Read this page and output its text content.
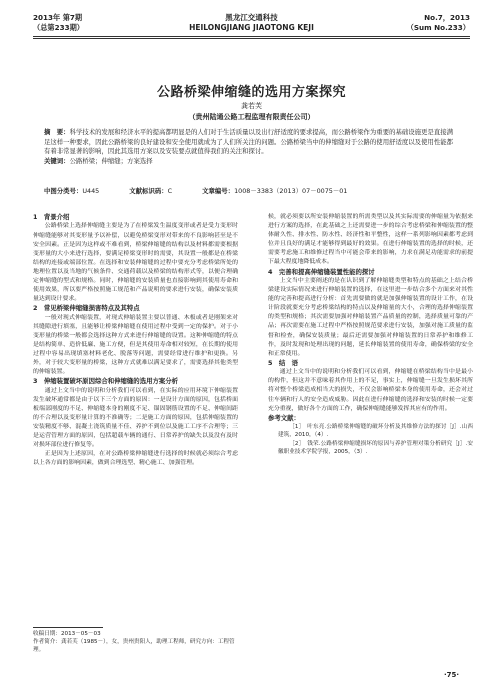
2013年 第7期
（总第233期）
黑龙江交通科技
HEILONGJIANG JIAOTONG KEJI
No.7，2013
（Sum No.233）
公路桥梁伸缩缝的选用方案探究
龚若芙
（贵州陆通公路工程监理有限责任公司）
摘　要：科学技术的发展和经济水平的提高都明显是的人们对于生活质量以及出行舒适度的要求提高，而公路桥梁作为重要的基础设施更是直接满足这样一种要求，因此公路桥梁的良好建设和安全使用就成为了人们所关注的问题。公路桥梁当中的伸缩缝对于公路的使用舒适度以及使用性能都有着非常显著的影响，因此其选用方案以及安装要点就值得我们的关注和探讨。
关键词：公路桥梁；伸缩缝；方案选择
中图分类号：U445	文献标识码：C	文章编号：1008－3383（2013）07－0075－01
1　背景介绍

公路桥梁上选择伸缩缝主要是为了在桥梁发生温度变形或者是受力变形时伸缩缝能够对其变形量予以补偿，以避免桥梁变形对带来的不良影响甚至是不安全因素。正是因为这样或不难看到，桥梁伸缩缝的结构以及材料都需要根据变形量的大小来进行选择，要满足桥梁变形时的需要，其设置一般都是在桥梁结构的连接或端部位置。在选择和安装伸缩缝的过程中要充分考虑桥梁所处的地理位置以及当地的气候条件、交通荷载以及桥梁的结构形式等，以便合理确定伸缩缝的型式和规格。同时，伸缩缝的安装质量也直接影响到其使用寿命和使用效果，所以要严格按照施工规范和产品说明的要求进行安装，确保安装质量达到设计要求。

2　常见桥梁伸缩缝损害特点及其特点

一般对现式伸缩装置，对现式伸缩装置主要以普通、木板或者是刚架来对其缝隙进行填塞，且能够让桥梁伸缩缝在使用过程中受到一定的保护。对于小变形量的桥梁一般都会选择这种方式来进行伸缩缝的设置。这种伸缩缝的特点是结构简单、造价低廉、施工方便，但是其使用寿命相对较短，在长期的使用过程中容易出现填塞材料老化、脱落等问题，需要经常进行维护和更换。另外，对于较大变形量的桥梁，这种方式就难以满足要求了，需要选择其他类型的伸缩装置。

3　伸缩装置破坏原因综合和伸缩缝的选用方案分析

通过上文当中的说明和分析我们可以看到，在实际的应用环境下伸缩装置发生破坏通常都是由于以下三个方面的原因：一是设计方面的原因，包括桥面板端部刚度的不足、伸缩缝本身的刚度不足、锚固钢筋设置的不足、伸缩间距的不合理以及变形量计算的不准确等；二是施工方面的原因，包括伸缩装置的安装精度不够、混凝土浇筑质量不佳、养护不到位以及施工工序不合理等；三是运营管理方面的原因，包括超载车辆的通行、日常养护的缺失以及没有及时对损坏部位进行修复等。

正是因为上述原因，在对公路桥梁伸缩缝进行选择的时候就必须综合考虑以上各方面的影响因素，做到合理选型、精心施工、加强管理。

候，就必须要以所安装伸缩装置的所需类型以及其实际需要的伸缩量为依据来进行方案的选择，在此基础之上还需要进一步的综合考虑桥梁和伸缩装置的整体耐久性、排水性、防水性、经济性和平整性，这样一系列影响因素都考虑到位并且良好的满足才能够得到最好的效果。在进行伸缩装置的选择的时候，还需要考虑施工和维修过程当中可能会带来的影响，力求在满足功能需求的前提下最大程度地降低成本。

4　完善和提高伸缩缝装置性能的探讨

上文当中主要阐述的是在认识到了解伸缩缝类型和特点的基础之上结合桥梁建设实际情况来进行伸缩装置的选择，在这里进一步结合多个方面来对其性能的完善和提高进行分析：首先需要做的就是加强伸缩装置的设计工作，在设计阶段就要充分考虑桥梁结构的特点以及伸缩量的大小，合理的选择伸缩装置的类型和规格；其次需要加强对伸缩装置产品质量的控制，选择质量可靠的产品；再次需要在施工过程中严格按照规范要求进行安装，加强对施工质量的监督和检查，确保安装质量；最后还需要加强对伸缩装置的日常养护和维修工作，及时发现和处理出现的问题，延长伸缩装置的使用寿命，确保桥梁的安全和正常使用。

5　结　语

通过上文当中的说明和分析我们可以看到，伸缩缝在桥梁结构当中是最小的构件，但这并不意味着其作用上的不足，事实上，伸缩缝一旦发生损坏其所将对整个桥梁造成相当大的损失，不仅会影响桥梁本身的使用寿命，还会对过往车辆和行人的安全造成威胁。因此在进行伸缩缝的选择和安装的时候一定要充分重视，做好各个方面的工作，确保伸缩缝能够发挥其应有的作用。

参考文献：

［1］　叶东亮.公路桥梁伸缩缝的破坏分析及其维修方法的探讨［J］.山西建筑，2010，（4）.

［2］　钱荣.公路桥梁伸缩缝损坏的原因与养护管理对策分析研究［J］.安徽职业技术学院学报，2005，（3）.

收稿日期：2013－05－03
作者简介：龚若芙（1985－），女，贵州贵阳人，助理工程师，研究方向：工程管理。
·75·
